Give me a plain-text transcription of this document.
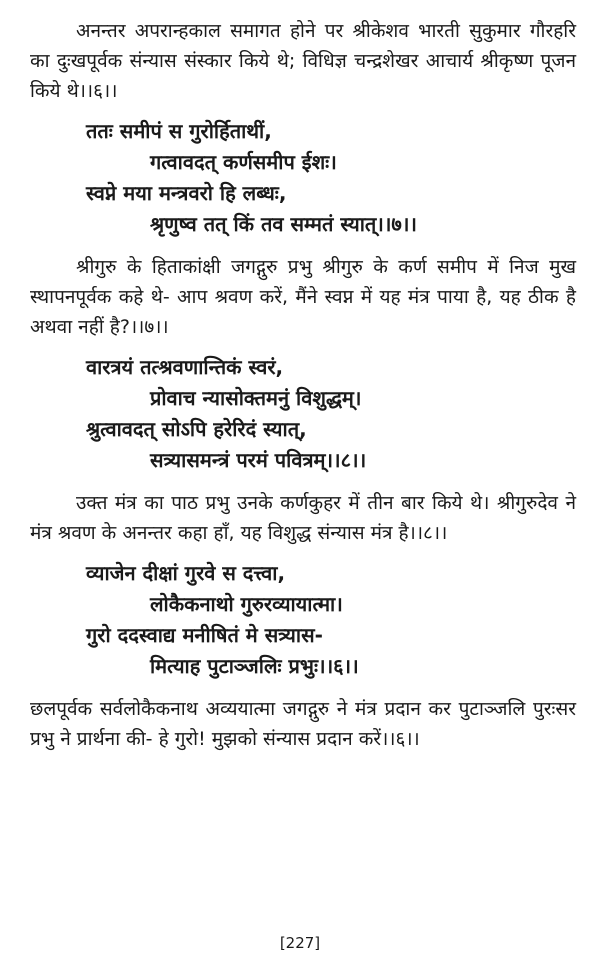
अनन्तर अपरान्हकाल समागत होने पर श्रीकेशव भारती सुकुमार गौरहरि का दुःखपूर्वक संन्यास संस्कार किये थे; विधिज्ञ चन्द्रशेखर आचार्य श्रीकृष्ण पूजन किये थे।।६।।

ततः समीपं स गुरोर्हिताथीं,
गत्वावदत् कर्णसमीप ईशः।
स्वप्ने मया मन्त्रवरो हि लब्धः,
श्रृणुष्व तत् किं तव सम्मतं स्यात्।।७।।

श्रीगुरु के हिताकांक्षी जगद्गुरु प्रभु श्रीगुरु के कर्ण समीप में निज मुख स्थापनपूर्वक कहे थे- आप श्रवण करें, मैंने स्वप्न में यह मंत्र पाया है, यह ठीक है अथवा नहीं है?।।७।।

वारत्रयं तत्श्रवणान्तिकं स्वरं,
प्रोवाच न्यासोक्तमनुं विशुद्धम्।
श्रुत्वावदत् सोऽपि हरेरिदं स्यात्,
सत्र्यासमन्त्रं परमं पवित्रम्।।८।।

उक्त मंत्र का पाठ प्रभु उनके कर्णकुहर में तीन बार किये थे। श्रीगुरुदेव ने मंत्र श्रवण के अनन्तर कहा हाँ, यह विशुद्ध संन्यास मंत्र है।।८।।

व्याजेन दीक्षां गुरवे स दत्त्वा,
लोकैकनाथो गुरुरव्यायात्मा।
गुरो ददस्वाद्य मनीषितं मे सत्र्यास-
मित्याह पुटाञ्जलिः प्रभुः।।६।।

छलपूर्वक सर्वलोकैकनाथ अव्ययात्मा जगद्गुरु ने मंत्र प्रदान कर पुटाञ्जलि पुरःसर प्रभु ने प्रार्थना की- हे गुरो! मुझको संन्यास प्रदान करें।।६।।

[227]
